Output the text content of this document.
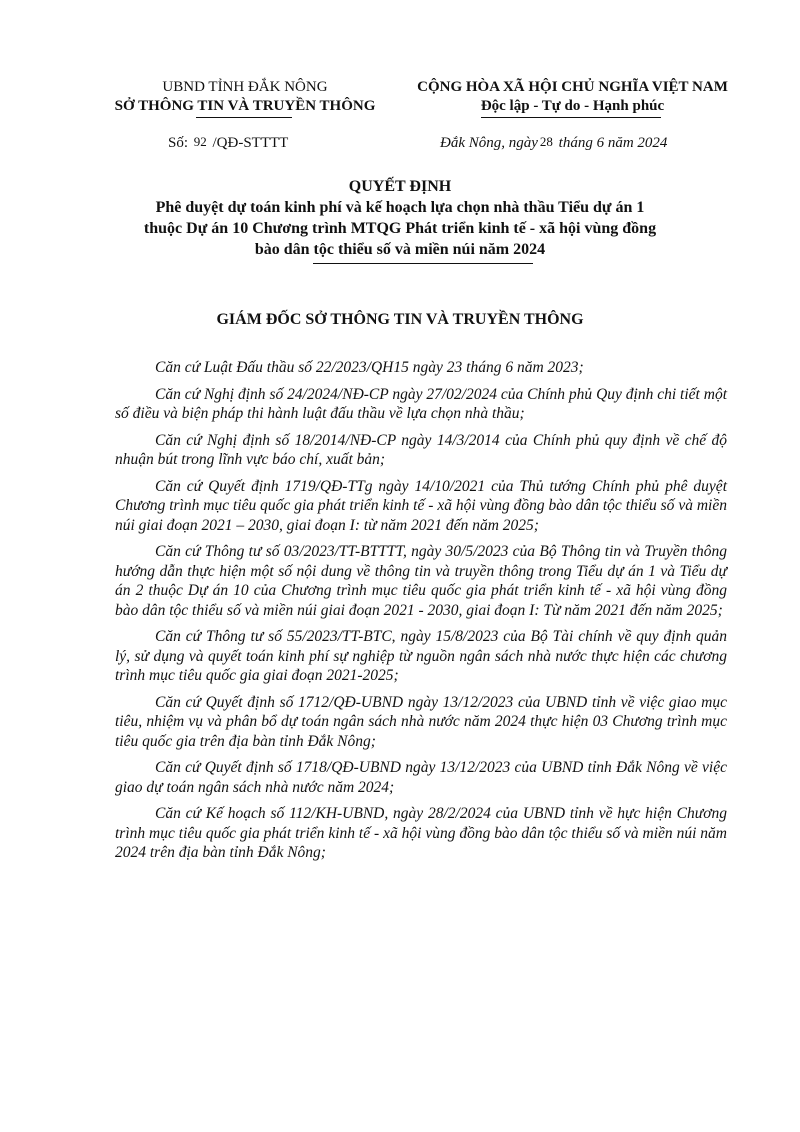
UBND TỈNH ĐẮK NÔNG
SỞ THÔNG TIN VÀ TRUYỀN THÔNG
CỘNG HÒA XÃ HỘI CHỦ NGHĨA VIỆT NAM
Độc lập - Tự do - Hạnh phúc
Số: 92 /QĐ-STTTT	Đắk Nông, ngày 28 tháng 6 năm 2024
QUYẾT ĐỊNH
Phê duyệt dự toán kinh phí và kế hoạch lựa chọn nhà thầu Tiểu dự án 1
thuộc Dự án 10 Chương trình MTQG Phát triển kinh tế - xã hội vùng đồng
bào dân tộc thiểu số và miền núi năm 2024
GIÁM ĐỐC SỞ THÔNG TIN VÀ TRUYỀN THÔNG

Căn cứ Luật Đấu thầu số 22/2023/QH15 ngày 23 tháng 6 năm 2023;

Căn cứ Nghị định số 24/2024/NĐ-CP ngày 27/02/2024 của Chính phủ Quy định chi tiết một số điều và biện pháp thi hành luật đấu thầu về lựa chọn nhà thầu;

Căn cứ Nghị định số 18/2014/NĐ-CP ngày 14/3/2014 của Chính phủ quy định về chế độ nhuận bút trong lĩnh vực báo chí, xuất bản;

Căn cứ Quyết định 1719/QĐ-TTg ngày 14/10/2021 của Thủ tướng Chính phủ phê duyệt Chương trình mục tiêu quốc gia phát triển kinh tế - xã hội vùng đồng bào dân tộc thiểu số và miền núi giai đoạn 2021 – 2030, giai đoạn I: từ năm 2021 đến năm 2025;

Căn cứ Thông tư số 03/2023/TT-BTTTT, ngày 30/5/2023 của Bộ Thông tin và Truyền thông hướng dẫn thực hiện một số nội dung về thông tin và truyền thông trong Tiểu dự án 1 và Tiểu dự án 2 thuộc Dự án 10 của Chương trình mục tiêu quốc gia phát triển kinh tế - xã hội vùng đồng bào dân tộc thiểu số và miền núi giai đoạn 2021 - 2030, giai đoạn I: Từ năm 2021 đến năm 2025;

Căn cứ Thông tư số 55/2023/TT-BTC, ngày 15/8/2023 của Bộ Tài chính về quy định quản lý, sử dụng và quyết toán kinh phí sự nghiệp từ nguồn ngân sách nhà nước thực hiện các chương trình mục tiêu quốc gia giai đoạn 2021-2025;

Căn cứ Quyết định số 1712/QĐ-UBND ngày 13/12/2023 của UBND tỉnh về việc giao mục tiêu, nhiệm vụ và phân bổ dự toán ngân sách nhà nước năm 2024 thực hiện 03 Chương trình mục tiêu quốc gia trên địa bàn tỉnh Đắk Nông;

Căn cứ Quyết định số 1718/QĐ-UBND ngày 13/12/2023 của UBND tỉnh Đắk Nông về việc giao dự toán ngân sách nhà nước năm 2024;

Căn cứ Kế hoạch số 112/KH-UBND, ngày 28/2/2024 của UBND tỉnh về hực hiện Chương trình mục tiêu quốc gia phát triển kinh tế - xã hội vùng đồng bào dân tộc thiểu số và miền núi năm 2024 trên địa bàn tỉnh Đắk Nông;
